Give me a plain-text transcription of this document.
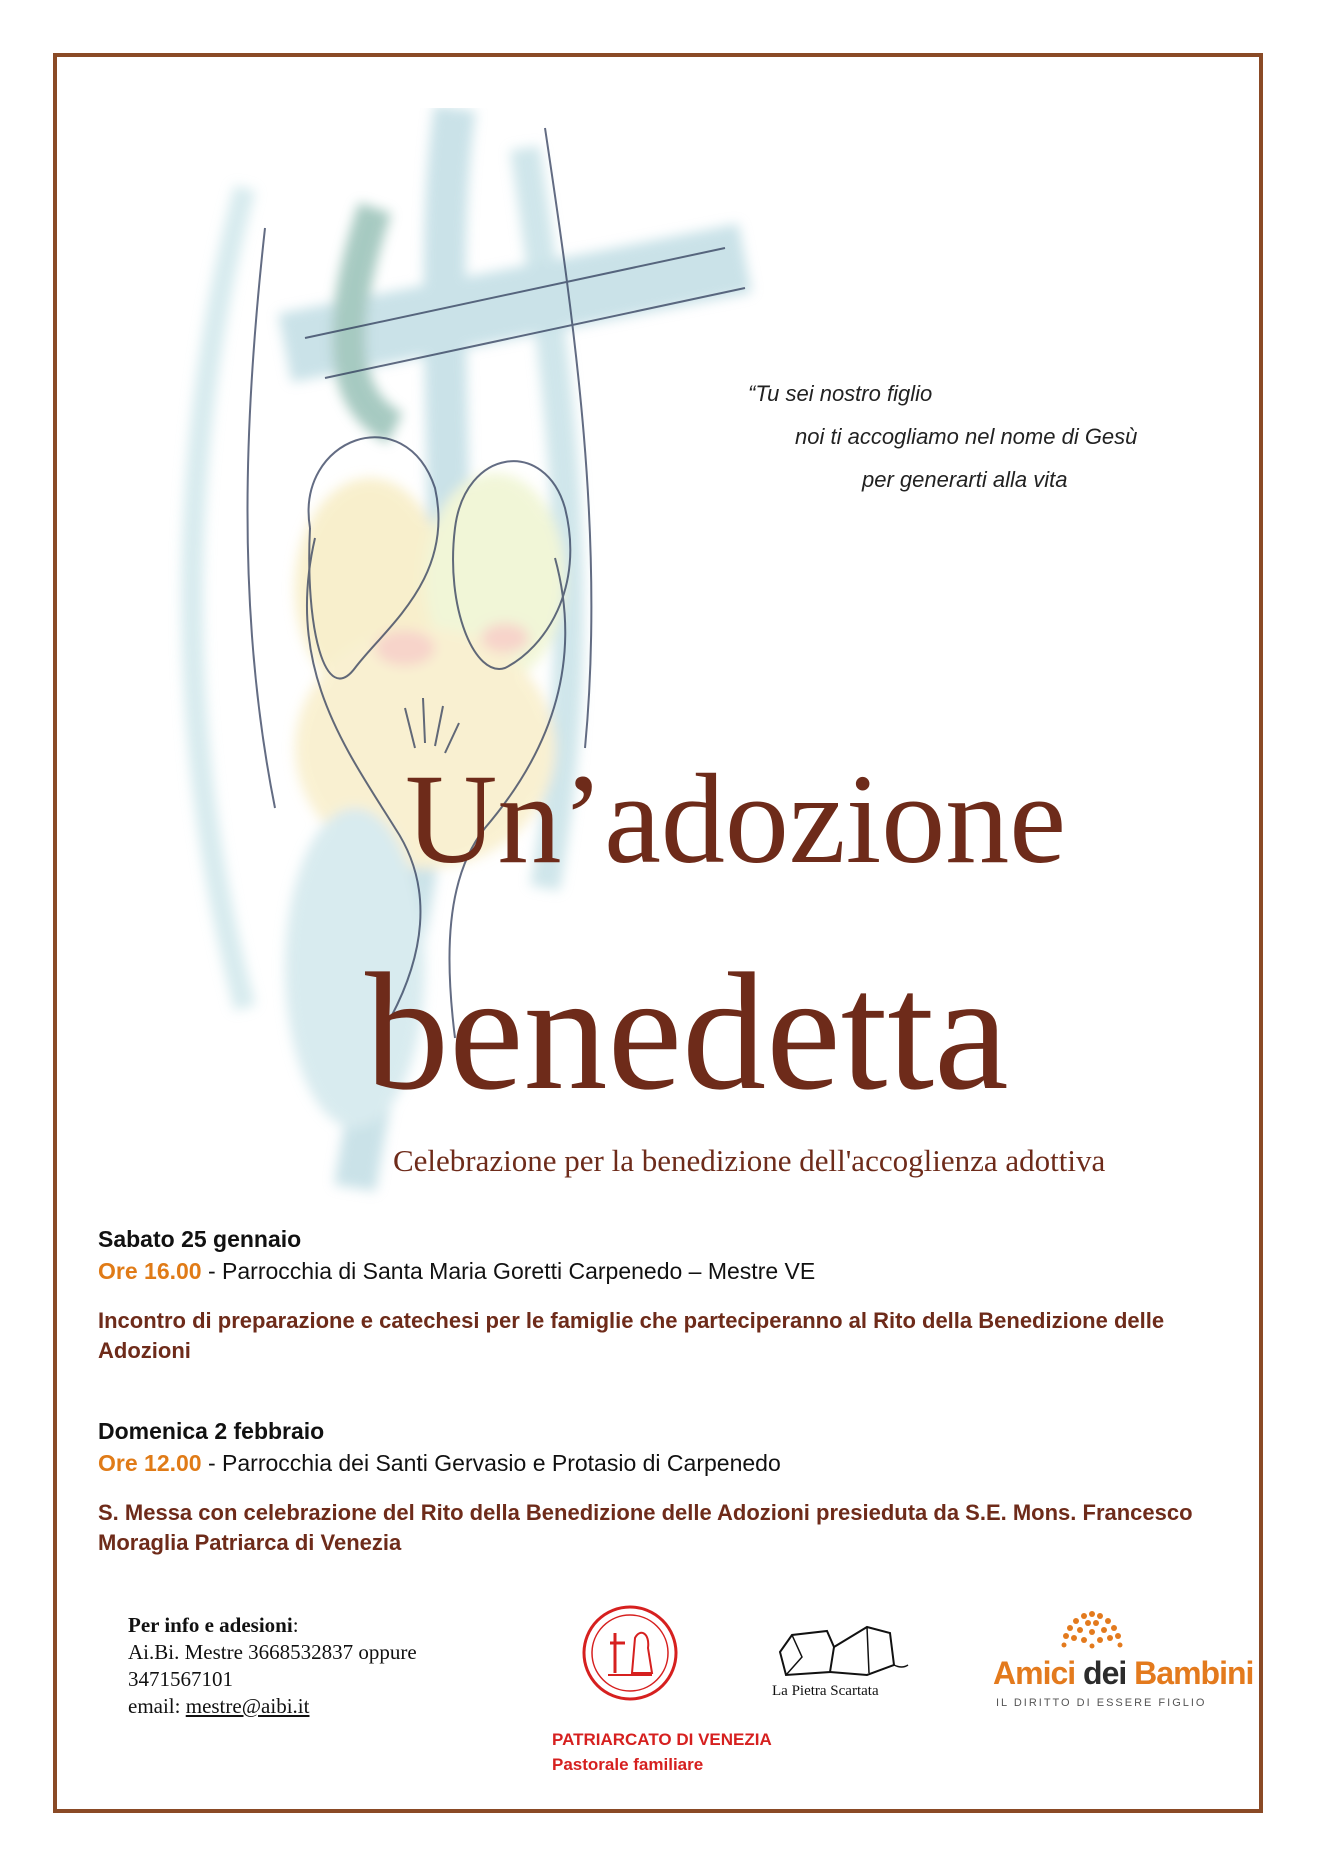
“Tu sei nostro figlio
noi ti accogliamo nel nome di Gesù
per generarti alla vita
Un’adozione
benedetta
Celebrazione per la benedizione dell'accoglienza adottiva
Sabato 25 gennaio
Ore 16.00 - Parrocchia di Santa Maria Goretti Carpenedo – Mestre VE
Incontro di preparazione e catechesi per le famiglie che parteciperanno al Rito della Benedizione delle Adozioni
Domenica 2 febbraio
Ore 12.00 - Parrocchia dei Santi Gervasio e Protasio di Carpenedo
S. Messa con celebrazione del Rito della Benedizione delle Adozioni presieduta da S.E. Mons. Francesco Moraglia Patriarca di Venezia
Per info e adesioni:
Ai.Bi. Mestre 3668532837 oppure
3471567101
email: mestre@aibi.it
PATRIARCATO DI VENEZIA
Pastorale familiare
La Pietra Scartata	Amici dei Bambini
IL DIRITTO DI ESSERE FIGLIO
